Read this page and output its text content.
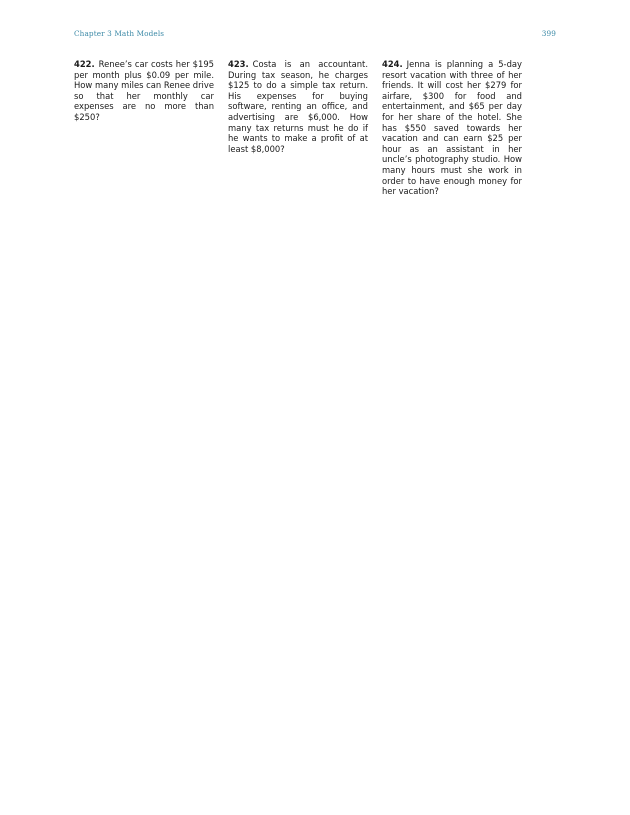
Chapter 3 Math Models	399
422. Renee’s car costs her $195 per month plus $0.09 per mile. How many miles can Renee drive so that her monthly car expenses are no more than $250?
423. Costa is an accountant. During tax season, he charges $125 to do a simple tax return. His expenses for buying software, renting an office, and advertising are $6,000. How many tax returns must he do if he wants to make a profit of at least $8,000?
424. Jenna is planning a 5-day resort vacation with three of her friends. It will cost her $279 for airfare, $300 for food and entertainment, and $65 per day for her share of the hotel. She has $550 saved towards her vacation and can earn $25 per hour as an assistant in her uncle’s photography studio. How many hours must she work in order to have enough money for her vacation?
